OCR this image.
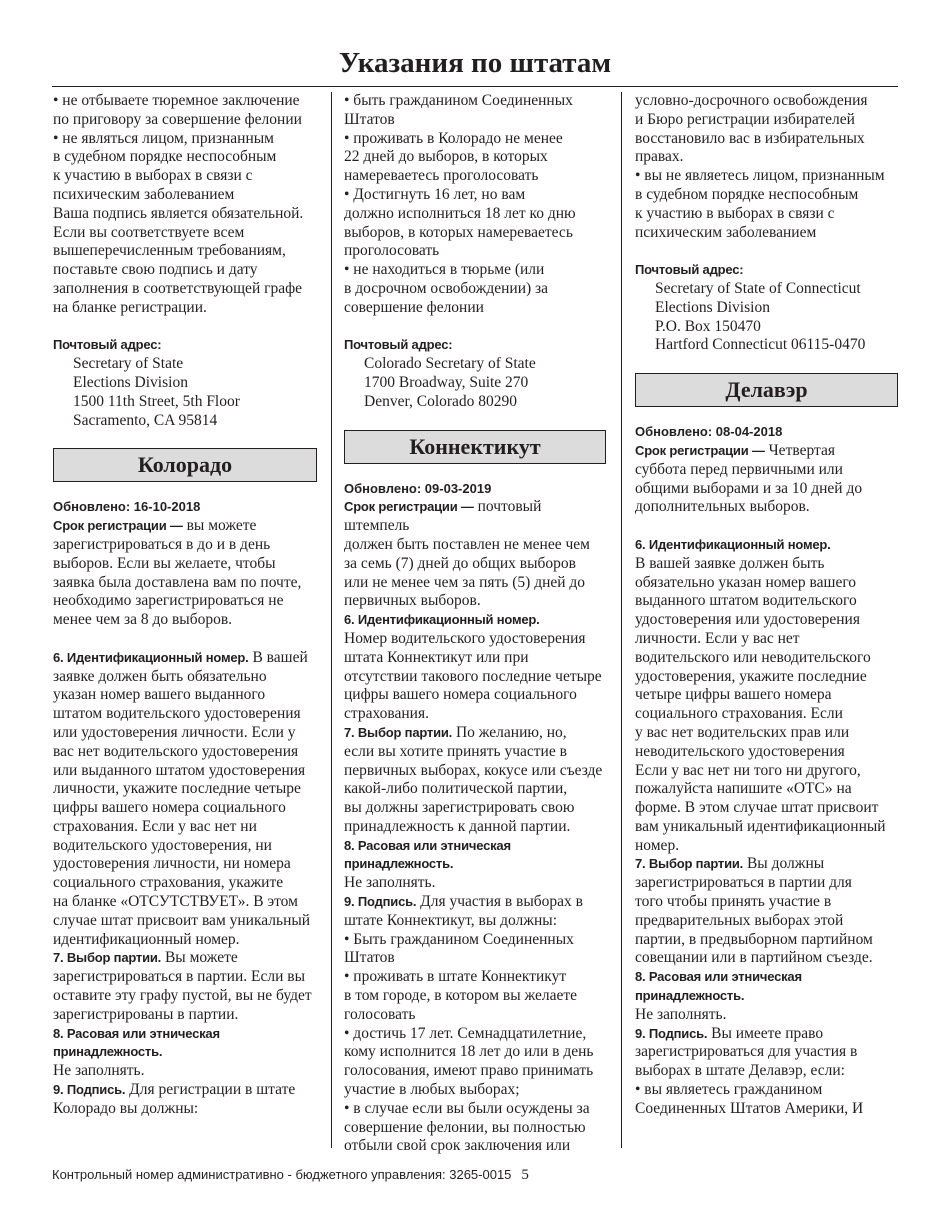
Указания по штатам

• не отбываете тюремное заключение

по приговору за совершение фелонии

• не являться лицом, признанным

в судебном порядке неспособным

к участию в выборах в связи с

психическим заболеванием

Ваша подпись является обязательной.

Если вы соответствуете всем

вышеперечисленным требованиям,

поставьте свою подпись и дату

заполнения в соответствующей графе

на бланке регистрации.

Почтовый адрес:

Secretary of State

Elections Division

1500 11th Street, 5th Floor

Sacramento, CA 95814

Колорадо

Обновлено: 16-10-2018

Срок регистрации — вы можете

зарегистрироваться в до и в день

выборов. Если вы желаете, чтобы

заявка была доставлена вам по почте,

необходимо зарегистрироваться не

менее чем за 8 до выборов.

6. Идентификационный номер. В вашей

заявке должен быть обязательно

указан номер вашего выданного

штатом водительского удостоверения

или удостоверения личности. Если у

вас нет водительского удостоверения

или выданного штатом удостоверения

личности, укажите последние четыре

цифры вашего номера социального

страхования. Если у вас нет ни

водительского удостоверения, ни

удостоверения личности, ни номера

социального страхования, укажите

на бланке «ОТСУТСТВУЕТ». В этом

случае штат присвоит вам уникальный

идентификационный номер.

7. Выбор партии. Вы можете

зарегистрироваться в партии. Если вы

оставите эту графу пустой, вы не будет

зарегистрированы в партии.

8. Расовая или этническая принадлежность.

Не заполнять.

9. Подпись. Для регистрации в штате

Колорадо вы должны:

• быть гражданином Соединенных

Штатов

• проживать в Колорадо не менее

22 дней до выборов, в которых

намереваетесь проголосовать

• Достигнуть 16 лет, но вам

должно исполниться 18 лет ко дню

выборов, в которых намереваетесь

проголосовать

• не находиться в тюрьме (или

в досрочном освобождении) за

совершение фелонии

Почтовый адрес:

Colorado Secretary of State

1700 Broadway, Suite 270

Denver, Colorado 80290

Коннектикут

Обновлено: 09-03-2019

Срок регистрации — почтовый штемпель

должен быть поставлен не менее чем

за семь (7) дней до общих выборов

или не менее чем за пять (5) дней до

первичных выборов.

6. Идентификационный номер.

Номер водительского удостоверения

штата Коннектикут или при

отсутствии такового последние четыре

цифры вашего номера социального

страхования.

7. Выбор партии. По желанию, но,

если вы хотите принять участие в

первичных выборах, кокусе или съезде

какой-либо политической партии,

вы должны зарегистрировать свою

принадлежность к данной партии.

8. Расовая или этническая принадлежность.

Не заполнять.

9. Подпись. Для участия в выборах в

штате Коннектикут, вы должны:

• Быть гражданином Соединенных

Штатов

• проживать в штате Коннектикут

в том городе, в котором вы желаете

голосовать

• достичь 17 лет. Семнадцатилетние,

кому исполнится 18 лет до или в день

голосования, имеют право принимать

участие в любых выборах;

• в случае если вы были осуждены за

совершение фелонии, вы полностью

отбыли свой срок заключения или

условно-досрочного освобождения

и Бюро регистрации избирателей

восстановило вас в избирательных

правах.

• вы не являетесь лицом, признанным

в судебном порядке неспособным

к участию в выборах в связи с

психическим заболеванием

Почтовый адрес:

Secretary of State of Connecticut

Elections Division

P.O. Box 150470

Hartford Connecticut 06115-0470

Делавэр

Обновлено: 08-04-2018

Срок регистрации — Четвертая

суббота перед первичными или

общими выборами и за 10 дней до

дополнительных выборов.

6. Идентификационный номер.

В вашей заявке должен быть

обязательно указан номер вашего

выданного штатом водительского

удостоверения или удостоверения

личности. Если у вас нет

водительского или неводительского

удостоверения, укажите последние

четыре цифры вашего номера

социального страхования. Если

у вас нет водительских прав или

неводительского удостоверения

Если у вас нет ни того ни другого,

пожалуйста напишите «ОТС» на

форме. В этом случае штат присвоит

вам уникальный идентификационный

номер.

7. Выбор партии. Вы должны

зарегистрироваться в партии для

того чтобы принять участие в

предварительных выборах этой

партии, в предвыборном партийном

совещании или в партийном съезде.

8. Расовая или этническая принадлежность.

Не заполнять.

9. Подпись. Вы имеете право

зарегистрироваться для участия в

выборах в штате Делавэр, если:

• вы являетесь гражданином

Соединенных Штатов Америки, И

Контрольный номер административно - бюджетного управления: 3265-0015 5
